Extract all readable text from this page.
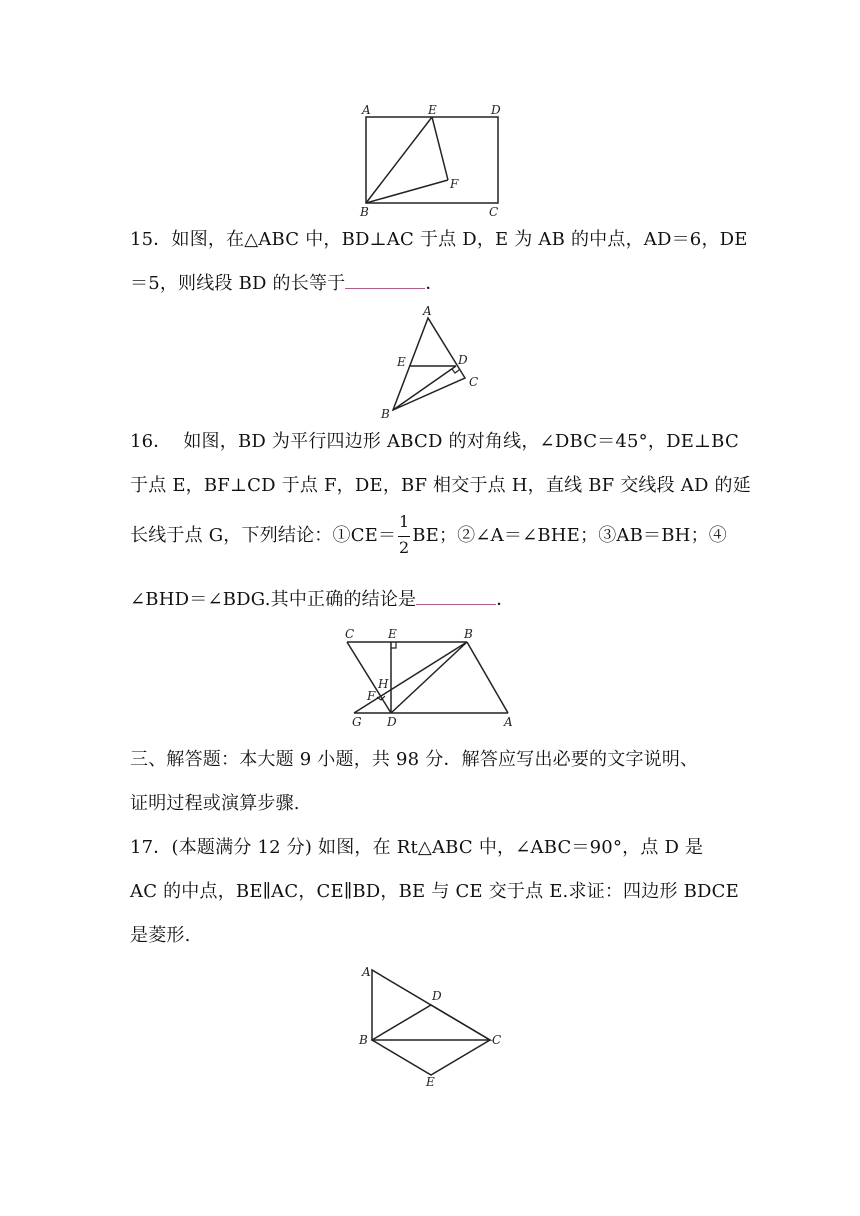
A	E	D
F
B	C
15．如图，在△ABC 中，BD⊥AC 于点 D，E 为 AB 的中点，AD＝6，DE
＝5，则线段 BD 的长等于	．
A
E	D
C
B
16．  如图，BD 为平行四边形 ABCD 的对角线，∠DBC＝45°，DE⊥BC
于点 E，BF⊥CD 于点 F，DE，BF 相交于点 H，直线 BF 交线段 AD 的延
长线于点 G，下列结论：①CE＝ $\frac{1}{2}$ BE；②∠A＝∠BHE；③AB＝BH；④
∠BHD＝∠BDG.其中正确的结论是	．
C	E	B
H
F
G D	A
三、解答题：本大题 9 小题，共 98 分．解答应写出必要的文字说明、
证明过程或演算步骤.
17．(本题满分 12 分) 如图，在 Rt△ABC 中，∠ABC＝90°，点 D 是
AC 的中点，BE∥AC，CE∥BD，BE 与 CE 交于点 E.求证：四边形 BDCE
是菱形.
A
D
B	C
E
